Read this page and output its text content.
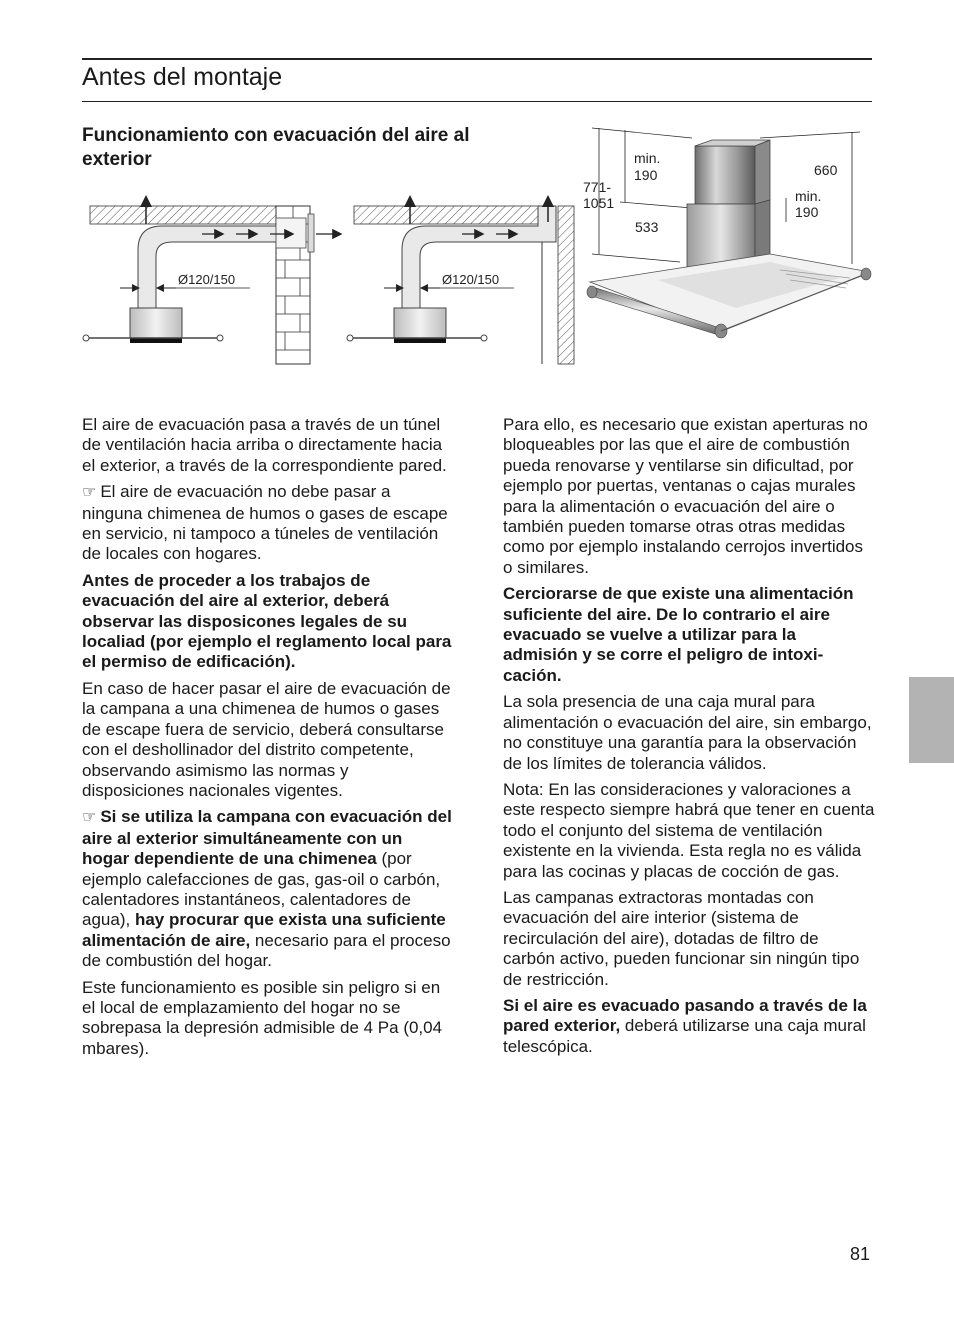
Antes del montaje
Funcionamiento con evacuación del aire al exterior
Ø120/150	Ø120/150
min.
190
771-
1051
533
660
min.
190

El aire de evacuación pasa a través de un túnel de ventilación hacia arriba o directamente hacia el exterior, a través de la correspondiente pared.

☞ El aire de evacuación no debe pasar a ninguna chimenea de humos o gases de escape en servicio, ni tampoco a túneles de ventilación de locales con hogares.

Antes de proceder a los trabajos de evacuación del aire al exterior, deberá observar las disposicones legales de su localiad (por ejemplo el reglamento local para el permiso de edificación).

En caso de hacer pasar el aire de evacuación de la campana a una chimenea de humos o gases de escape fuera de servicio, deberá consultarse con el deshollinador del distrito competente, observando asimismo las normas y disposiciones nacionales vigentes.

☞ Si se utiliza la campana con evacuación del aire al exterior simultáneamente con un hogar dependiente de una chimenea (por ejemplo calefacciones de gas, gas-oil o carbón, calentadores instantáneos, calentadores de agua), hay procurar que exista una suficiente alimentación de aire, necesario para el proceso de combustión del hogar.

Este funcionamiento es posible sin peligro si en el local de emplazamiento del hogar no se sobrepasa la depresión admisible de 4 Pa (0,04 mbares).

Para ello, es necesario que existan aperturas no bloqueables por las que el aire de combustión pueda renovarse y ventilarse sin dificultad, por ejemplo por puertas, ventanas o cajas murales para la alimentación o evacuación del aire o también pueden tomarse otras otras medidas como por ejemplo instalando cerrojos invertidos o similares.

Cerciorarse de que existe una alimentación suficiente del aire. De lo contrario el aire evacuado se vuelve a utilizar para la admisión y se corre el peligro de intoxicación.

La sola presencia de una caja mural para alimentación o evacuación del aire, sin embargo, no constituye una garantía para la observación de los límites de tolerancia válidos.

Nota: En las consideraciones y valoraciones a este respecto siempre habrá que tener en cuenta todo el conjunto del sistema de ventilación existente en la vivienda. Esta regla no es válida para las cocinas y placas de cocción de gas.

Las campanas extractoras montadas con evacuación del aire interior (sistema de recirculación del aire), dotadas de filtro de carbón activo, pueden funcionar sin ningún tipo de restricción.

Si el aire es evacuado pasando a través de la pared exterior, deberá utilizarse una caja mural telescópica.

81
